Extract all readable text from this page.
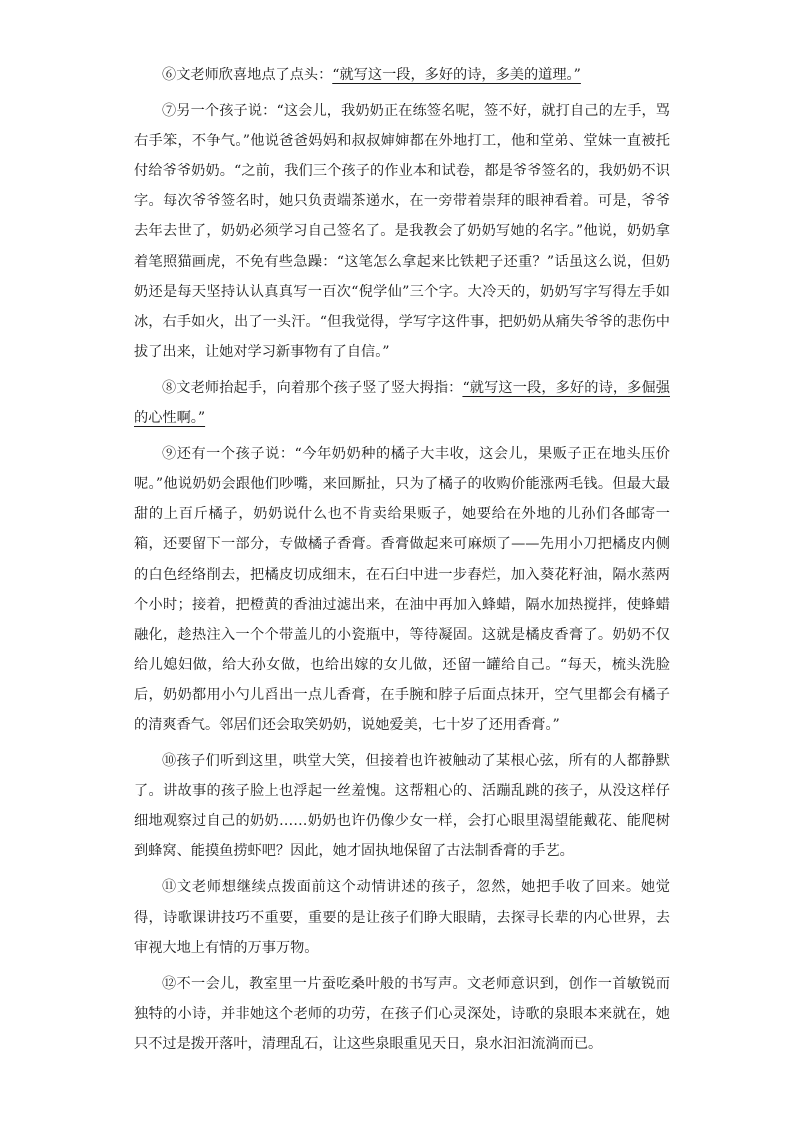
⑥文老师欣喜地点了点头：“就写这一段，多好的诗，多美的道理。”

⑦另一个孩子说：“这会儿，我奶奶正在练签名呢，签不好，就打自己的左手，骂右手笨，不争气。”他说爸爸妈妈和叔叔婶婶都在外地打工，他和堂弟、堂妹一直被托付给爷爷奶奶。“之前，我们三个孩子的作业本和试卷，都是爷爷签名的，我奶奶不识字。每次爷爷签名时，她只负责端茶递水，在一旁带着崇拜的眼神看着。可是，爷爷去年去世了，奶奶必须学习自己签名了。是我教会了奶奶写她的名字。”他说，奶奶拿着笔照猫画虎，不免有些急躁：“这笔怎么拿起来比铁耙子还重？”话虽这么说，但奶奶还是每天坚持认认真真写一百次“倪学仙”三个字。大冷天的，奶奶写字写得左手如冰，右手如火，出了一头汗。“但我觉得，学写字这件事，把奶奶从痛失爷爷的悲伤中拔了出来，让她对学习新事物有了自信。”

⑧文老师抬起手，向着那个孩子竖了竖大拇指：“就写这一段，多好的诗，多倔强的心性啊。”

⑨还有一个孩子说：“今年奶奶种的橘子大丰收，这会儿，果贩子正在地头压价呢。”他说奶奶会跟他们吵嘴，来回厮扯，只为了橘子的收购价能涨两毛钱。但最大最甜的上百斤橘子，奶奶说什么也不肯卖给果贩子，她要给在外地的儿孙们各邮寄一箱，还要留下一部分，专做橘子香膏。香膏做起来可麻烦了——先用小刀把橘皮内侧的白色经络削去，把橘皮切成细末，在石臼中进一步舂烂，加入葵花籽油，隔水蒸两个小时；接着，把橙黄的香油过滤出来，在油中再加入蜂蜡，隔水加热搅拌，使蜂蜡融化，趁热注入一个个带盖儿的小瓷瓶中，等待凝固。这就是橘皮香膏了。奶奶不仅给儿媳妇做，给大孙女做，也给出嫁的女儿做，还留一罐给自己。“每天，梳头洗脸后，奶奶都用小勺儿舀出一点儿香膏，在手腕和脖子后面点抹开，空气里都会有橘子的清爽香气。邻居们还会取笑奶奶，说她爱美，七十岁了还用香膏。”

⑩孩子们听到这里，哄堂大笑，但接着也许被触动了某根心弦，所有的人都静默了。讲故事的孩子脸上也浮起一丝羞愧。这帮粗心的、活蹦乱跳的孩子，从没这样仔细地观察过自己的奶奶……奶奶也许仍像少女一样，会打心眼里渴望能戴花、能爬树到蜂窝、能摸鱼捞虾吧？因此，她才固执地保留了古法制香膏的手艺。

⑪文老师想继续点拨面前这个动情讲述的孩子，忽然，她把手收了回来。她觉得，诗歌课讲技巧不重要，重要的是让孩子们睁大眼睛，去探寻长辈的内心世界，去审视大地上有情的万事万物。

⑫不一会儿，教室里一片蚕吃桑叶般的书写声。文老师意识到，创作一首敏锐而独特的小诗，并非她这个老师的功劳，在孩子们心灵深处，诗歌的泉眼本来就在，她只不过是拨开落叶，清理乱石，让这些泉眼重见天日，泉水汩汩流淌而已。
